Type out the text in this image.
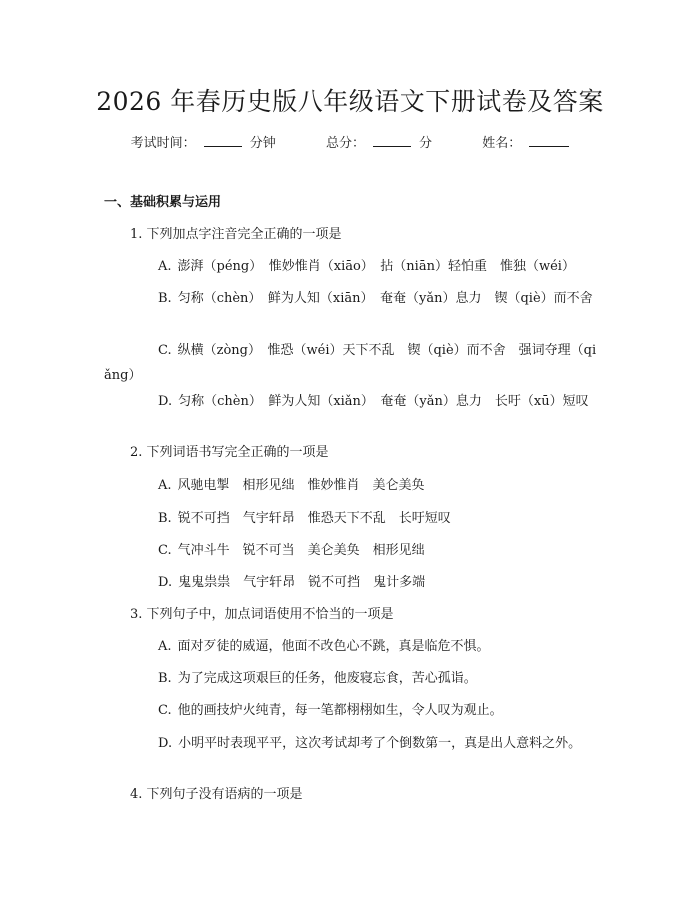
2026 年春历史版八年级语文下册试卷及答案
考试时间：	分钟	总分：	分	姓名：
一、基础积累与运用
1. 下列加点字注音完全正确的一项是
A. 澎湃（péng）　惟妙惟肖（xiāo）　拈（niān）轻怕重　惟独（wéi）
B. 匀称（chèn）　鲜为人知（xiān）　奄奄（yǎn）息力　锲（qiè）而不舍
C. 纵横（zòng）　惟恐（wéi）天下不乱　锲（qiè）而不舍　强词夺理（qiǎng）
D. 匀称（chèn）　鲜为人知（xiǎn）　奄奄（yǎn）息力　长吁（xū）短叹
2. 下列词语书写完全正确的一项是
A. 风驰电掣　相形见绌　惟妙惟肖　美仑美奂
B. 锐不可挡　气宇轩昂　惟恐天下不乱　长吁短叹
C. 气冲斗牛　锐不可当　美仑美奂　相形见绌
D. 鬼鬼祟祟　气宇轩昂　锐不可挡　鬼计多端
3. 下列句子中，加点词语使用不恰当的一项是
A. 面对歹徒的威逼，他面不改色心不跳，真是临危不惧。
B. 为了完成这项艰巨的任务，他废寝忘食，苦心孤诣。
C. 他的画技炉火纯青，每一笔都栩栩如生，令人叹为观止。
D. 小明平时表现平平，这次考试却考了个倒数第一，真是出人意料之外。
4. 下列句子没有语病的一项是
